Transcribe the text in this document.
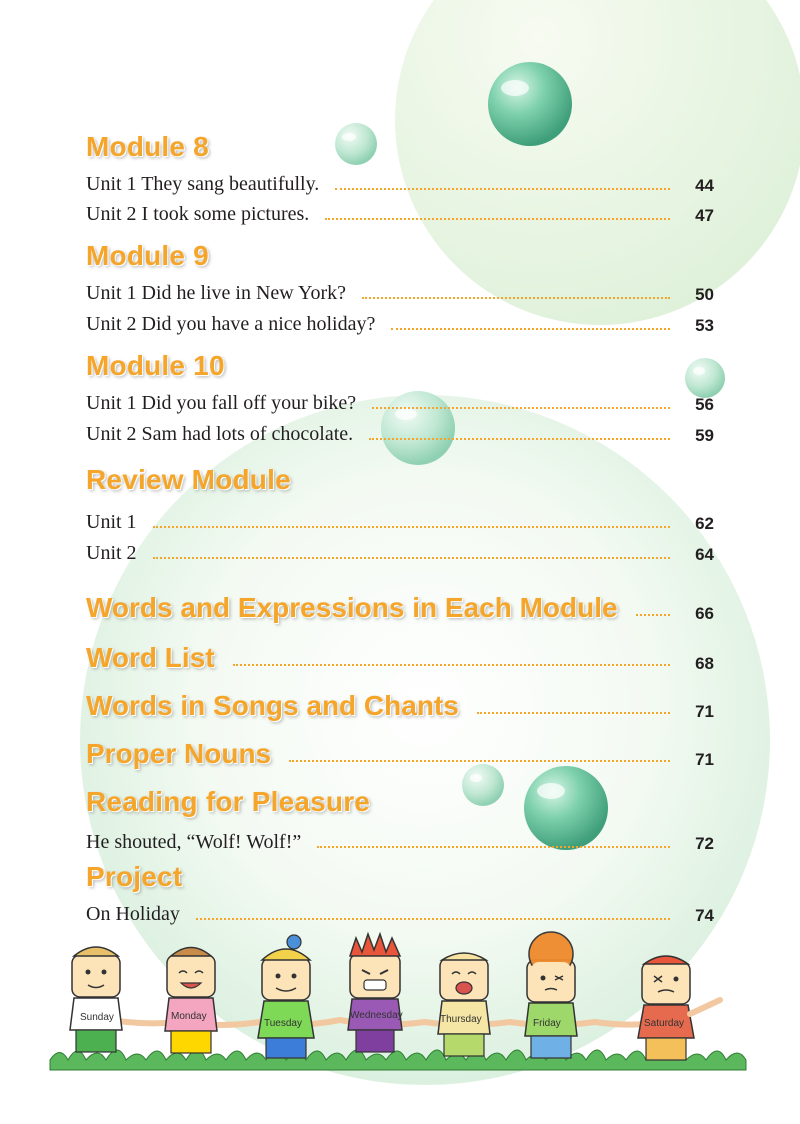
Module 8
Unit 1 They sang beautifully.	44
Unit 2 I took some pictures.	47
Module 9
Unit 1 Did he live in New York?	50
Unit 2 Did you have a nice holiday?	53
Module 10
Unit 1 Did you fall off your bike?	56
Unit 2 Sam had lots of chocolate.	59
Review Module
Unit 1	62
Unit 2	64
Words and Expressions in Each Module	66
Word List	68
Words in Songs and Chants	71
Proper Nouns	71
Reading for Pleasure
He shouted, “Wolf! Wolf!”	72
Project
On Holiday	74
Sunday	Monday
Tuesday
Wednesday	Thursday	Friday	Saturday
